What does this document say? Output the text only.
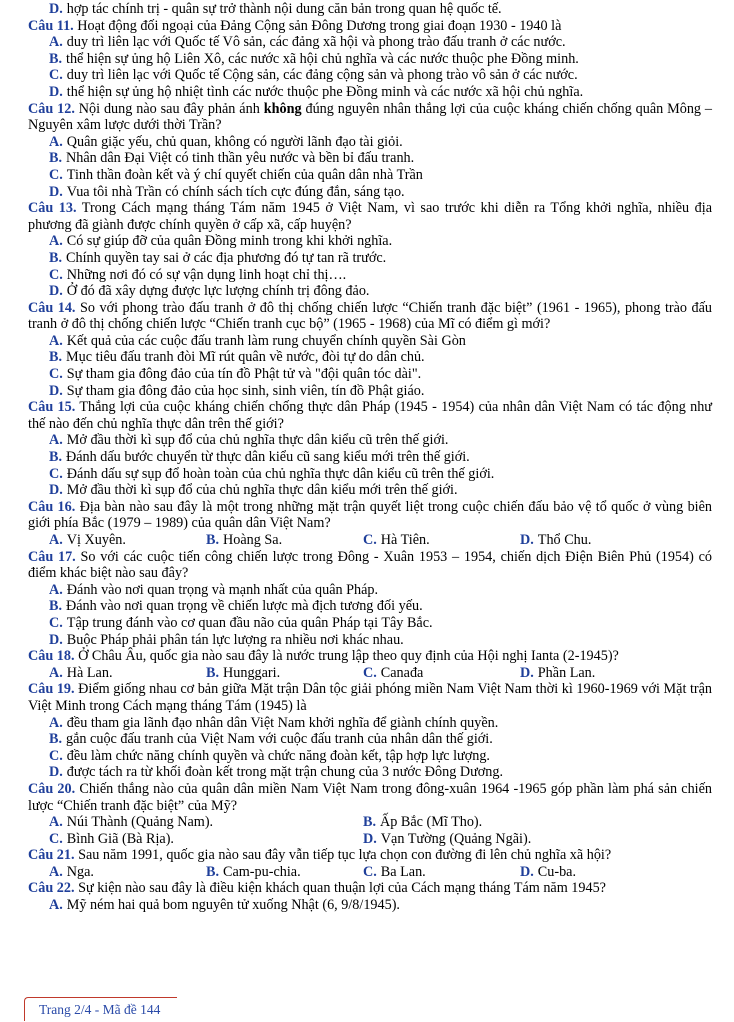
D. hợp tác chính trị - quân sự trở thành nội dung căn bản trong quan hệ quốc tế.

Câu 11. Hoạt động đối ngoại của Đảng Cộng sản Đông Dương trong giai đoạn 1930 - 1940 là

A. duy trì liên lạc với Quốc tế Vô sản, các đảng xã hội và phong trào đấu tranh ở các nước.
B. thể hiện sự ủng hộ Liên Xô, các nước xã hội chủ nghĩa và các nước thuộc phe Đồng minh.
C. duy trì liên lạc với Quốc tế Cộng sản, các đảng cộng sản và phong trào vô sản ở các nước.
D. thể hiện sự ủng hộ nhiệt tình các nước thuộc phe Đồng minh và các nước xã hội chủ nghĩa.

Câu 12. Nội dung nào sau đây phản ánh không đúng nguyên nhân thắng lợi của cuộc kháng chiến chống quân Mông – Nguyên xâm lược dưới thời Trần?

A. Quân giặc yếu, chủ quan, không có người lãnh đạo tài giỏi.
B. Nhân dân Đại Việt có tinh thần yêu nước và bền bỉ đấu tranh.
C. Tinh thần đoàn kết và ý chí quyết chiến của quân dân nhà Trần
D. Vua tôi nhà Trần có chính sách tích cực đúng đắn, sáng tạo.

Câu 13. Trong Cách mạng tháng Tám năm 1945 ở Việt Nam, vì sao trước khi diễn ra Tổng khởi nghĩa, nhiều địa phương đã giành được chính quyền ở cấp xã, cấp huyện?

A. Có sự giúp đỡ của quân Đồng minh trong khi khởi nghĩa.
B. Chính quyền tay sai ở các địa phương đó tự tan rã trước.
C. Những nơi đó có sự vận dụng linh hoạt chỉ thị….
D. Ở đó đã xây dựng được lực lượng chính trị đông đảo.

Câu 14. So với phong trào đấu tranh ở đô thị chống chiến lược “Chiến tranh đặc biệt” (1961 - 1965), phong trào đấu tranh ở đô thị chống chiến lược “Chiến tranh cục bộ” (1965 - 1968) của Mĩ có điểm gì mới?

A. Kết quả của các cuộc đấu tranh làm rung chuyển chính quyền Sài Gòn
B. Mục tiêu đấu tranh đòi Mĩ rút quân về nước, đòi tự do dân chủ.
C. Sự tham gia đông đảo của tín đồ Phật tử và "đội quân tóc dài".
D. Sự tham gia đông đảo của học sinh, sinh viên, tín đồ Phật giáo.

Câu 15. Thắng lợi của cuộc kháng chiến chống thực dân Pháp (1945 - 1954) của nhân dân Việt Nam có tác động như thế nào đến chủ nghĩa thực dân trên thế giới?

A. Mở đầu thời kì sụp đổ của chủ nghĩa thực dân kiểu cũ trên thế giới.
B. Đánh dấu bước chuyển từ thực dân kiểu cũ sang kiểu mới trên thế giới.
C. Đánh dấu sự sụp đổ hoàn toàn của chủ nghĩa thực dân kiểu cũ trên thế giới.
D. Mở đầu thời kì sụp đổ của chủ nghĩa thực dân kiểu mới trên thế giới.

Câu 16. Địa bàn nào sau đây là một trong những mặt trận quyết liệt trong cuộc chiến đấu bảo vệ tổ quốc ở vùng biên giới phía Bắc (1979 – 1989) của quân dân Việt Nam?

A. Vị Xuyên.	B. Hoàng Sa.	C. Hà Tiên.	D. Thổ Chu.

Câu 17. So với các cuộc tiến công chiến lược trong Đông - Xuân 1953 – 1954, chiến dịch Điện Biên Phủ (1954) có điểm khác biệt nào sau đây?

A. Đánh vào nơi quan trọng và mạnh nhất của quân Pháp.
B. Đánh vào nơi quan trọng về chiến lược mà địch tương đối yếu.
C. Tập trung đánh vào cơ quan đầu não của quân Pháp tại Tây Bắc.
D. Buộc Pháp phải phân tán lực lượng ra nhiều nơi khác nhau.

Câu 18. Ở Châu Âu, quốc gia nào sau đây là nước trung lập theo quy định của Hội nghị Ianta (2-1945)?

A. Hà Lan.	B. Hunggari.	C. Canađa	D. Phần Lan.

Câu 19. Điểm giống nhau cơ bản giữa Mặt trận Dân tộc giải phóng miền Nam Việt Nam thời kì 1960-1969 với Mặt trận Việt Minh trong Cách mạng tháng Tám (1945) là

A. đều tham gia lãnh đạo nhân dân Việt Nam khởi nghĩa để giành chính quyền.
B. gắn cuộc đấu tranh của Việt Nam với cuộc đấu tranh của nhân dân thế giới.
C. đều làm chức năng chính quyền và chức năng đoàn kết, tập hợp lực lượng.
D. được tách ra từ khối đoàn kết trong mặt trận chung của 3 nước Đông Dương.

Câu 20. Chiến thắng nào của quân dân miền Nam Việt Nam trong đông-xuân 1964 -1965 góp phần làm phá sản chiến lược “Chiến tranh đặc biệt” của Mỹ?

A. Núi Thành (Quảng Nam).	B. Ấp Bắc (Mĩ Tho).
C. Bình Giã (Bà Rịa).	D. Vạn Tường (Quảng Ngãi).

Câu 21. Sau năm 1991, quốc gia nào sau đây vẫn tiếp tục lựa chọn con đường đi lên chủ nghĩa xã hội?

A. Nga.	B. Cam-pu-chia.	C. Ba Lan.	D. Cu-ba.

Câu 22. Sự kiện nào sau đây là điều kiện khách quan thuận lợi của Cách mạng tháng Tám năm 1945?

A. Mỹ ném hai quả bom nguyên tử xuống Nhật (6, 9/8/1945).
Trang 2/4 - Mã đề 144
